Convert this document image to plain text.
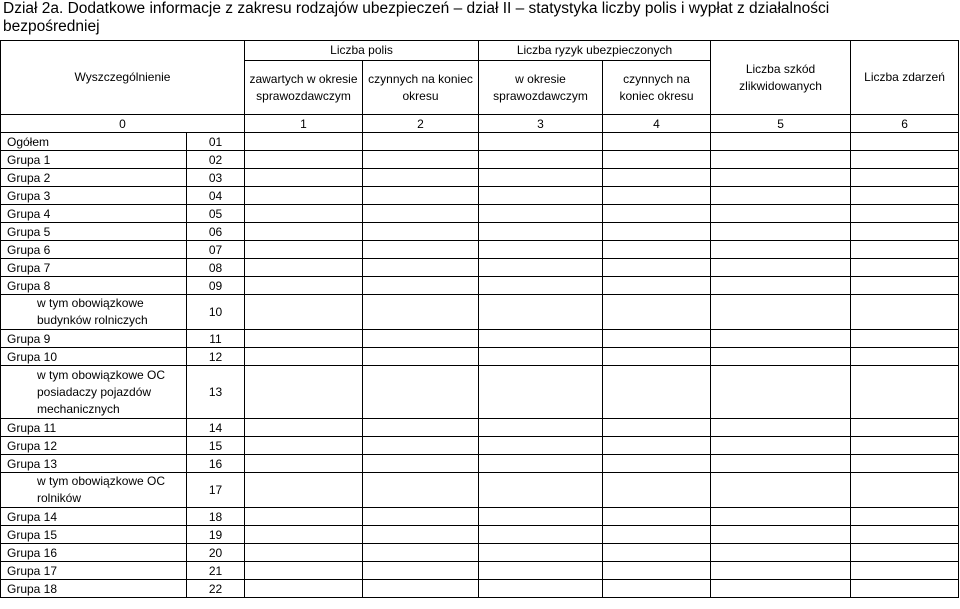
Dział 2a. Dodatkowe informacje z zakresu rodzajów ubezpieczeń – dział II – statystyka liczby polis i wypłat z działalności
bezpośredniej
Wyszczególnienie		Liczba polis		Liczba ryzyk ubezpieczonych		Liczba szkód zlikwidowanych	Liczba zdarzeń
		zawartych w okresie sprawozdawczym	czynnych na koniec okresu	w okresie sprawozdawczym	czynnych na koniec okresu		
0		1	2	3	4	5	6
Ogółem	01						
Grupa 1	02						
Grupa 2	03						
Grupa 3	04						
Grupa 4	05						
Grupa 5	06						
Grupa 6	07						
Grupa 7	08						
Grupa 8	09						
w tym obowiązkowe budynków rolniczych	10						
Grupa 9	11						
Grupa 10	12						
w tym obowiązkowe OC posiadaczy pojazdów mechanicznych	13						
Grupa 11	14						
Grupa 12	15						
Grupa 13	16						
w tym obowiązkowe OC rolników	17						
Grupa 14	18						
Grupa 15	19						
Grupa 16	20						
Grupa 17	21						
Grupa 18	22						
